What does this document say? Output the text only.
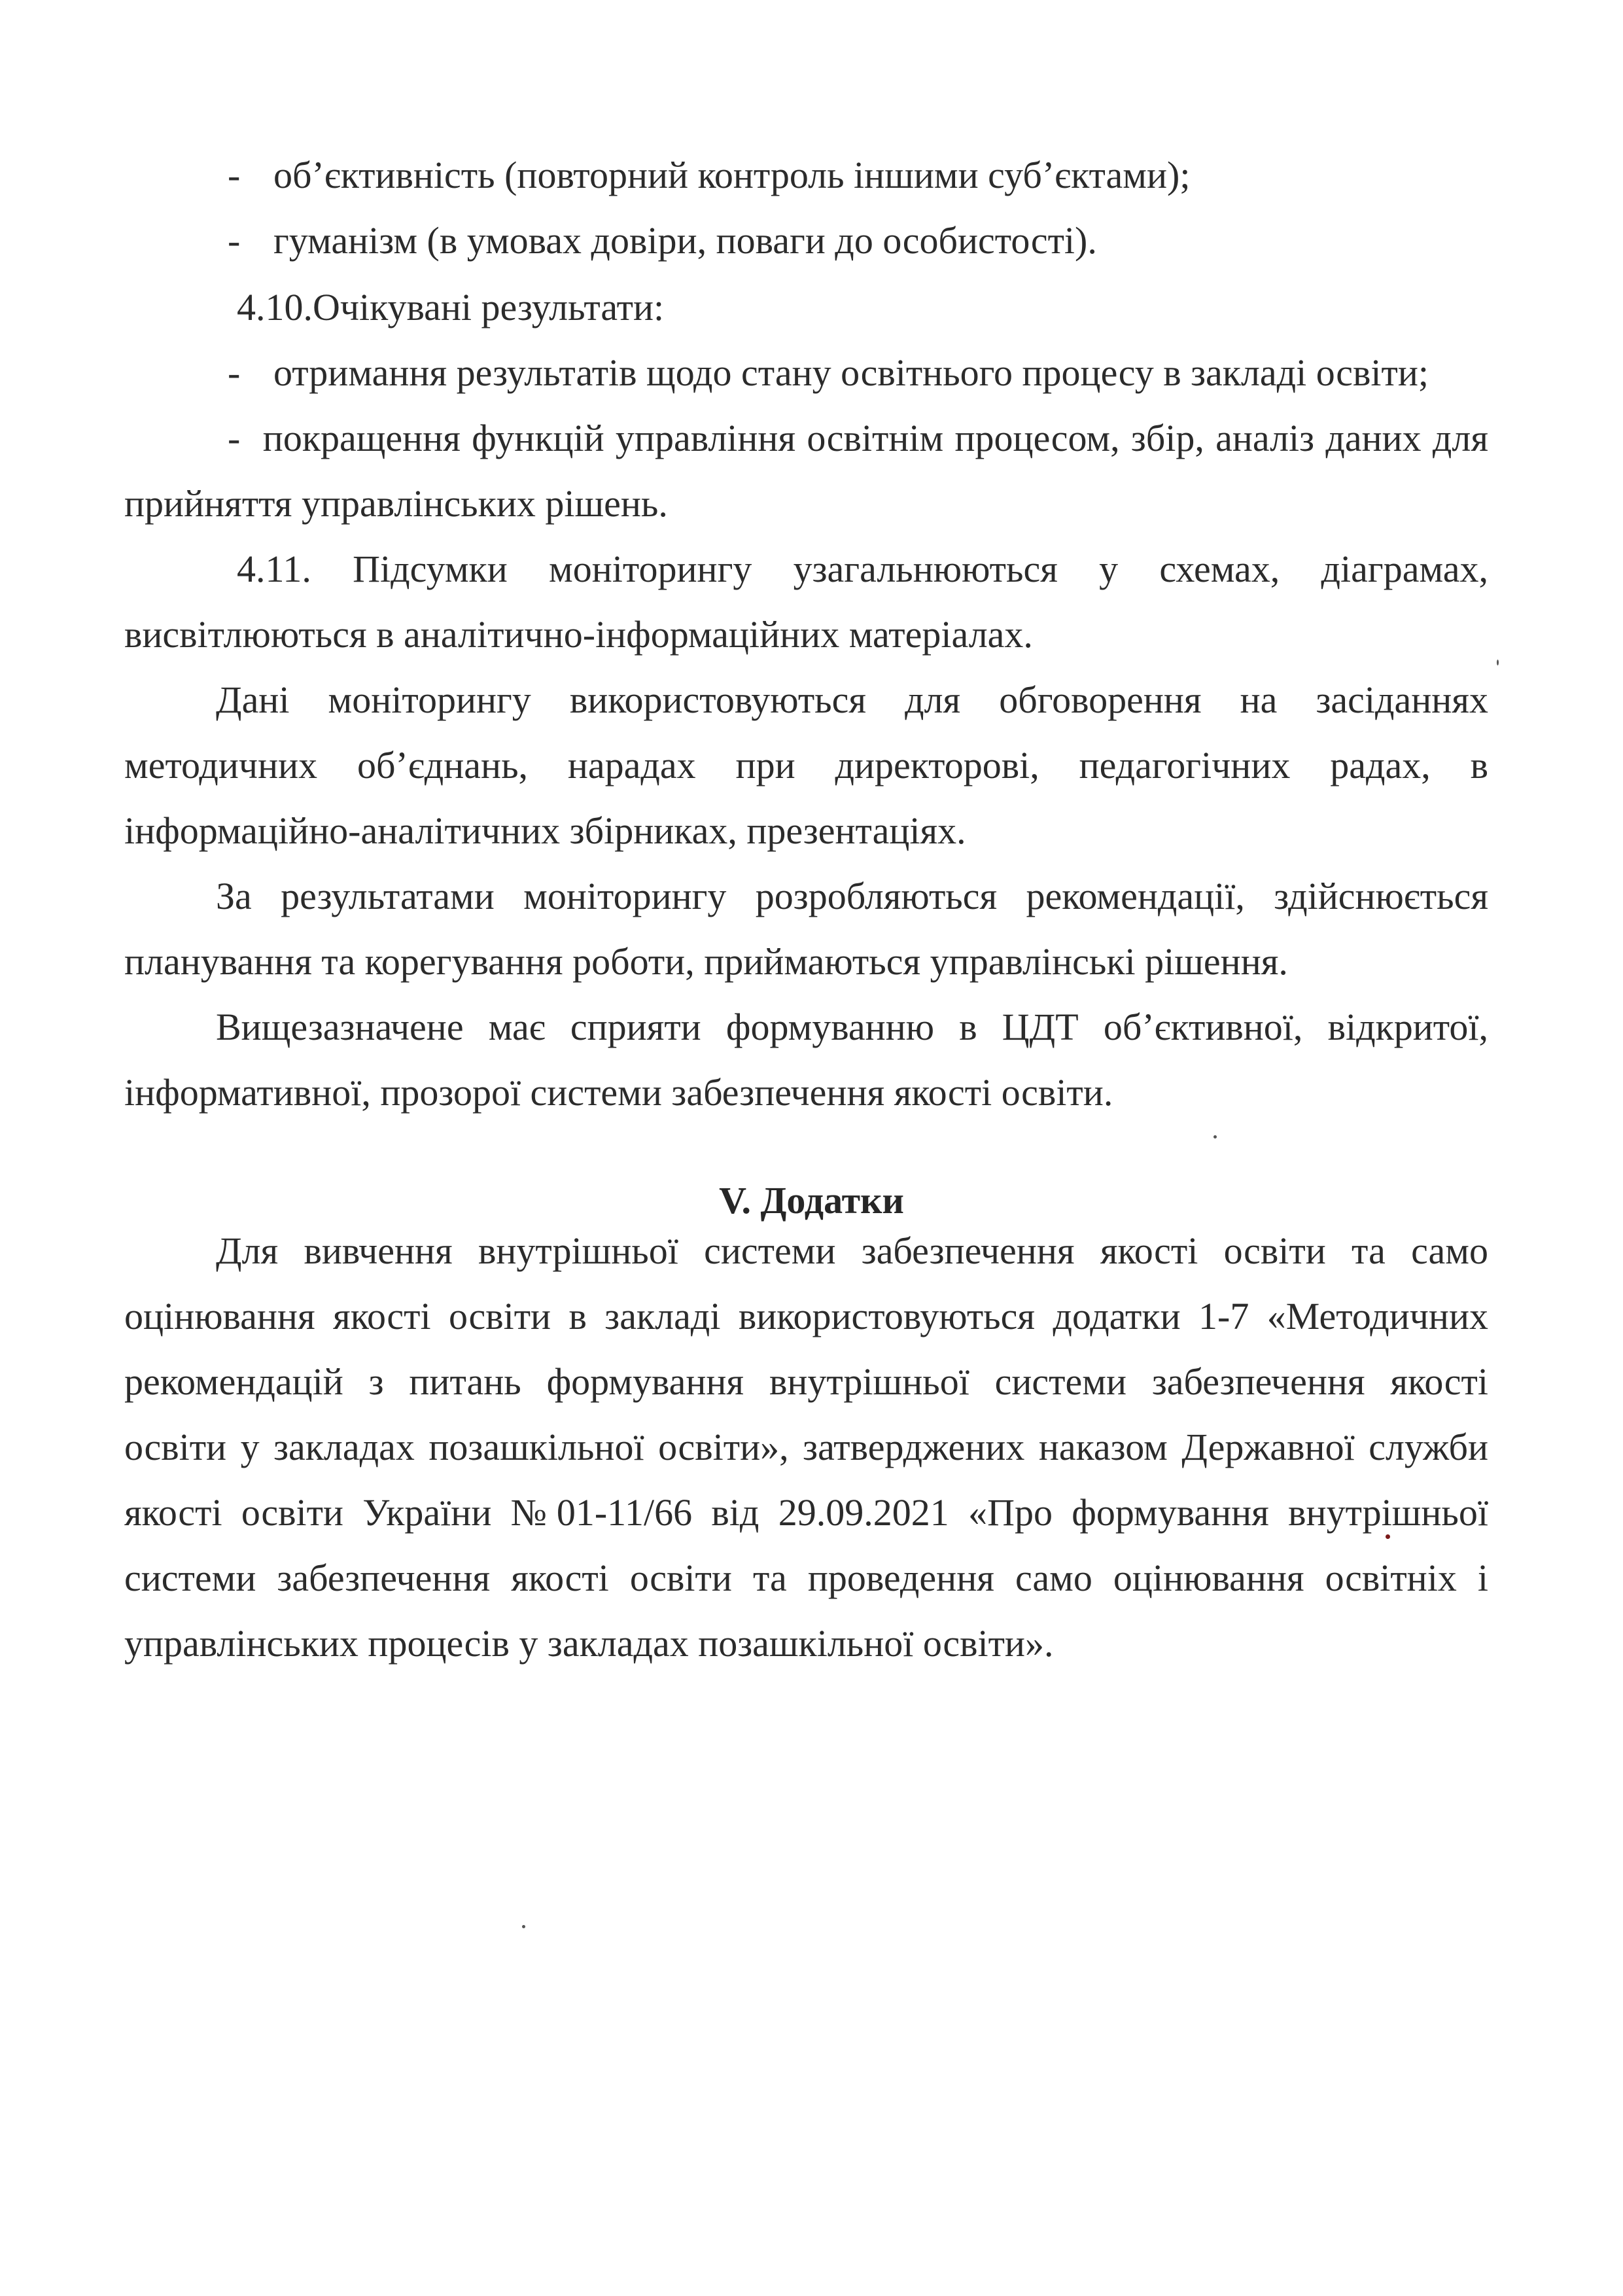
- об’єктивність (повторний контроль іншими суб’єктами);
- гуманізм (в умовах довіри, поваги до особистості).
4.10.Очікувані результати:
- отримання результатів щодо стану освітнього процесу в закладі освіти;
- покращення функцій управління освітнім процесом, збір, аналіз даних для прийняття управлінських рішень.
4.11. Підсумки моніторингу узагальнюються у схемах, діаграмах, висвітлюються в аналітично-інформаційних матеріалах.
Дані моніторингу використовуються для обговорення на засіданнях методичних об’єднань, нарадах при директорові, педагогічних радах, в інформаційно-аналітичних збірниках, презентаціях.
За результатами моніторингу розробляються рекомендації, здійснюється планування та корегування роботи, приймаються управлінські рішення.
Вищезазначене має сприяти формуванню в ЦДТ об’єктивної, відкритої, інформативної, прозорої системи забезпечення якості освіти.
V. Додатки
Для вивчення внутрішньої системи забезпечення якості освіти та само оцінювання якості освіти в закладі використовуються додатки 1-7 «Методичних рекомендацій з питань формування внутрішньої системи забезпечення якості освіти у закладах позашкільної освіти», затверджених наказом Державної служби якості освіти України №01-11/66 від 29.09.2021 «Про формування внутрішньої системи забезпечення якості освіти та проведення само оцінювання освітніх і управлінських процесів у закладах позашкільної освіти».
